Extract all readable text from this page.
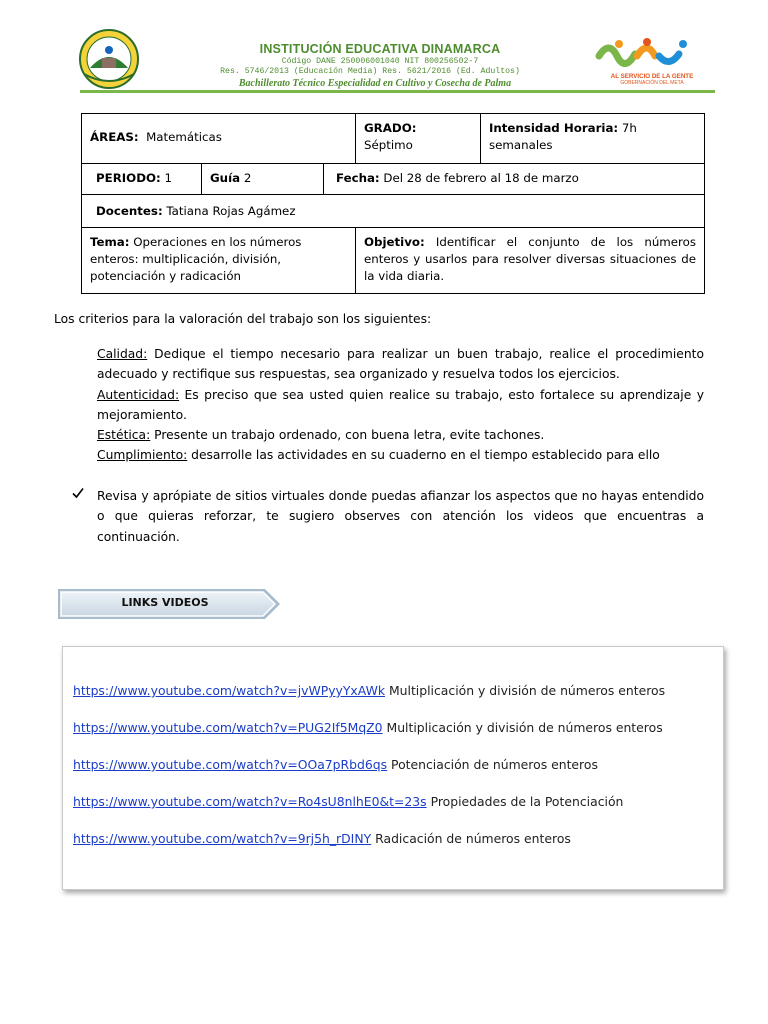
INSTITUCIÓN EDUCATIVA DINAMARCA
Código DANE 250006001040 NIT 800256502-7
Res. 5746/2013 (Educación Media) Res. 5621/2016 (Ed. Adultos)
Bachillerato Técnico Especialidad en Cultivo y Cosecha de Palma
AL SERVICIO DE LA GENTE
GOBERNACIÓN DEL META
ÁREAS: Matemáticas
GRADO:
Séptimo
Intensidad Horaria: 7h semanales
PERIODO: 1	Guía 2	Fecha: Del 28 de febrero al 18 de marzo
Docentes: Tatiana Rojas Agámez
Tema: Operaciones en los números enteros: multiplicación, división, potenciación y radicación
Objetivo: Identificar el conjunto de los números enteros y usarlos para resolver diversas situaciones de la vida diaria.
Los criterios para la valoración del trabajo son los siguientes:
Calidad: Dedique el tiempo necesario para realizar un buen trabajo, realice el procedimiento adecuado y rectifique sus respuestas, sea organizado y resuelva todos los ejercicios.
Autenticidad: Es preciso que sea usted quien realice su trabajo, esto fortalece su aprendizaje y mejoramiento.
Estética: Presente un trabajo ordenado, con buena letra, evite tachones.
Cumplimiento: desarrolle las actividades en su cuaderno en el tiempo establecido para ello
Revisa y aprópiate de sitios virtuales donde puedas afianzar los aspectos que no hayas entendido o que quieras reforzar, te sugiero observes con atención los videos que encuentras a continuación.
LINKS VIDEOS
https://www.youtube.com/watch?v=jvWPyyYxAWk Multiplicación y división de números enteros
https://www.youtube.com/watch?v=PUG2If5MqZ0 Multiplicación y división de números enteros
https://www.youtube.com/watch?v=OOa7pRbd6qs Potenciación de números enteros
https://www.youtube.com/watch?v=Ro4sU8nlhE0&t=23s Propiedades de la Potenciación
https://www.youtube.com/watch?v=9rj5h_rDINY Radicación de números enteros
